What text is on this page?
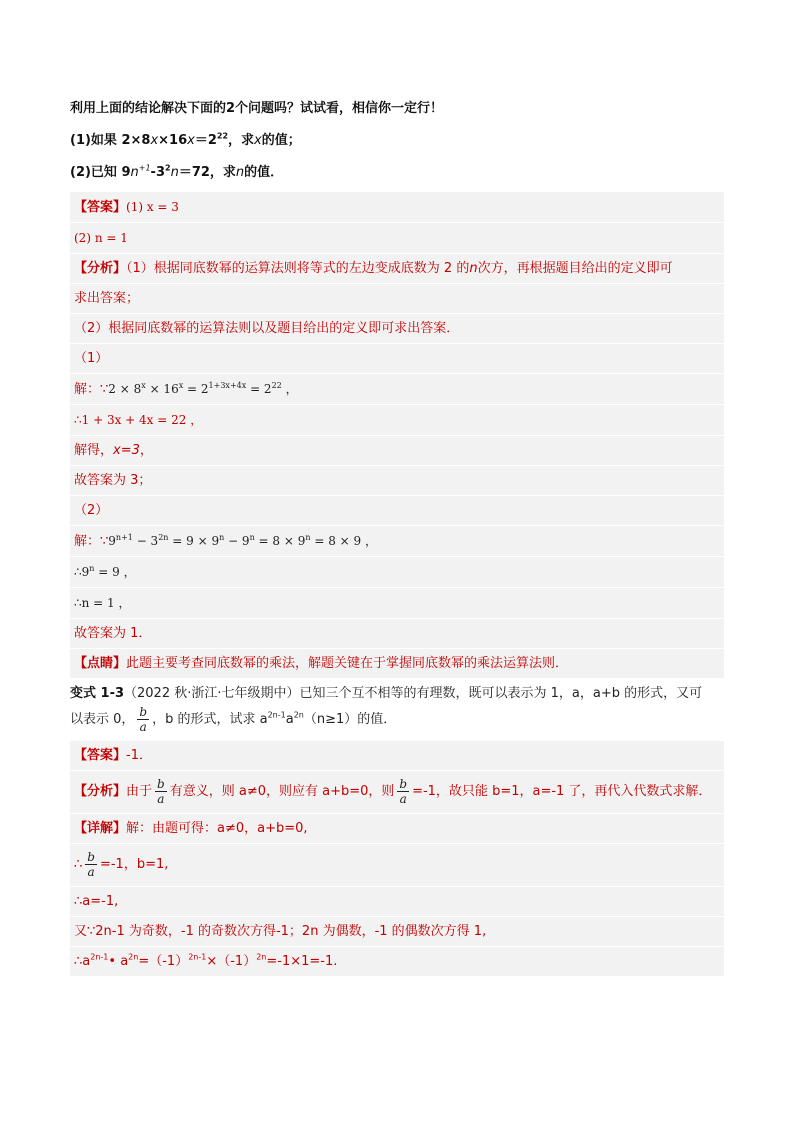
利用上面的结论解决下面的2个问题吗？试试看，相信你一定行！
(1)如果 $2\times 8x\times 16x=2^{22}$，求x的值；
(2)已知 $9n^{+1}-3^2n=72$，求n的值．
【答案】(1) x = 3
(2) n = 1
【分析】（1）根据同底数幂的运算法则将等式的左边变成底数为 2 的n次方，再根据题目给出的定义即可
求出答案；
（2）根据同底数幂的运算法则以及题目给出的定义即可求出答案．
（1）
解：∵2 × $8^x \times 16^x = 2^{1+3x+4x} = 2^{22}$ ，
∴1 + 3x + 4x = 22 ，
解得，x=3，
故答案为 3；
（2）
解：$\because 9^{n+1} - 3^{2n} = 9 \times 9^n - 9^n = 8 \times 9^n = 8 \times 9$ ，
$\therefore 9^n = 9$ ，
∴n = 1 ，
故答案为 1．
【点睛】此题主要考查同底数幂的乘法，解题关键在于掌握同底数幂的乘法运算法则．
变式 1-3（2022 秋·浙江·七年级期中）已知三个互不相等的有理数，既可以表示为 1，a，a+b 的形式，又可
以表示 0， $\frac{b}{a}$ ，b 的形式，试求 $a^{2n-1}a^{2n}(n\ge 1)$的值．
【答案】-1．
【分析】由于 $\frac{b}{a}$ 有意义，则 a≠0，则应有 a+b=0，则 $\frac{b}{a} =-1$，故只能 b=1，a=-1 了，再代入代数式求解．
【详解】解：由题可得：a≠0，a+b=0,
∴ $\frac{b}{a} =-1$，b=1,
∴a=-1,
又∵2n-1 为奇数，-1 的奇数次方得-1；2n 为偶数，-1 的偶数次方得 1,
$\therefore a^{2n-1}•$ $a^{2n}=(-1)^{2n-1}\times(-1)^{2n}=-1\times 1=-1$.
